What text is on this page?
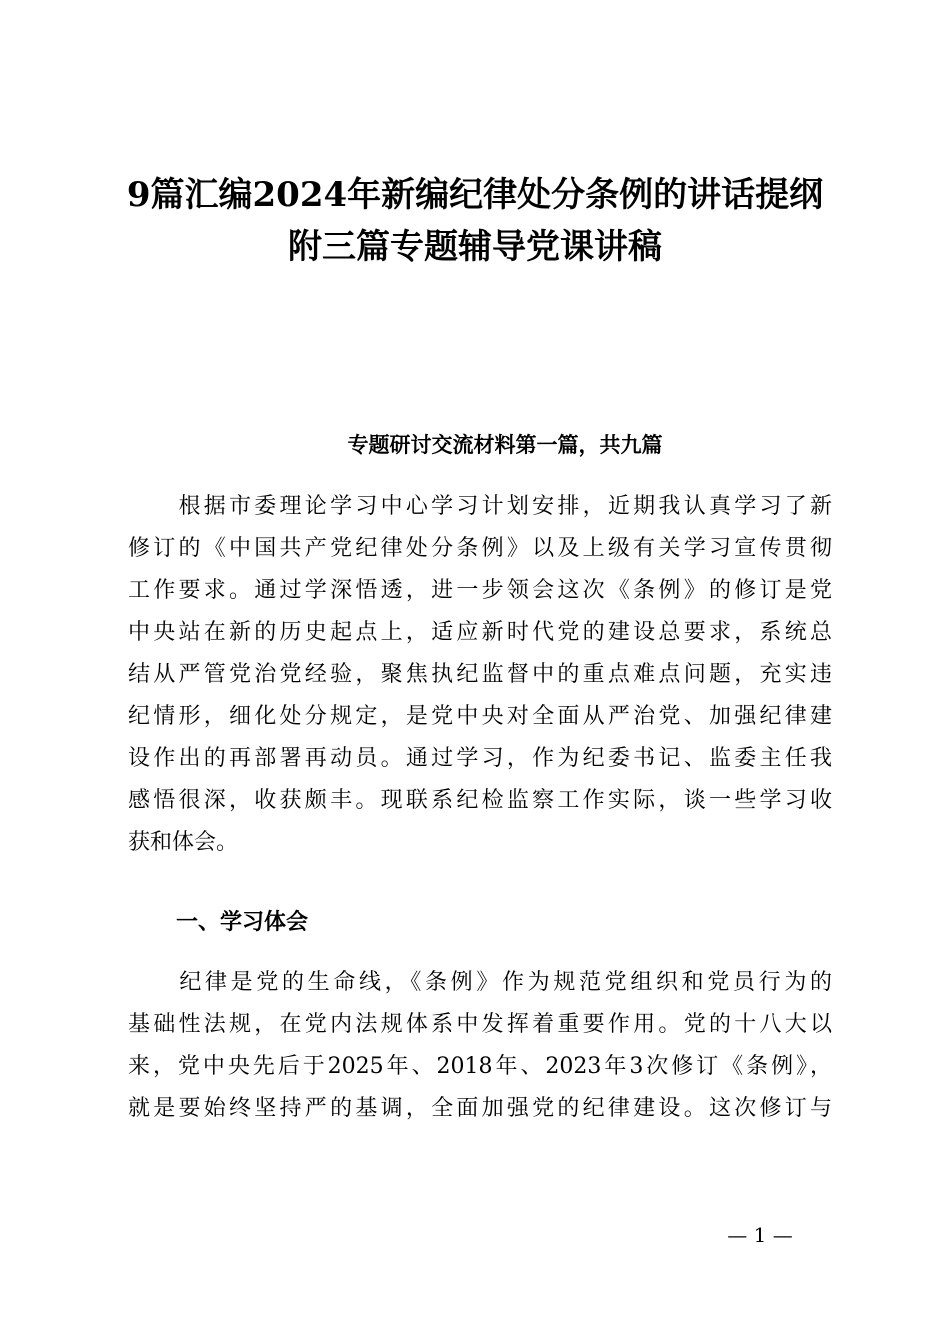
9篇汇编2024年新编纪律处分条例的讲话提纲
附三篇专题辅导党课讲稿
专题研讨交流材料第一篇，共九篇
　　根据市委理论学习中心学习计划安排，近期我认真学习了新
修订的《中国共产党纪律处分条例》以及上级有关学习宣传贯彻
工作要求。通过学深悟透，进一步领会这次《条例》的修订是党
中央站在新的历史起点上，适应新时代党的建设总要求，系统总
结从严管党治党经验，聚焦执纪监督中的重点难点问题，充实违
纪情形，细化处分规定，是党中央对全面从严治党、加强纪律建
设作出的再部署再动员。通过学习，作为纪委书记、监委主任我
感悟很深，收获颇丰。现联系纪检监察工作实际，谈一些学习收
获和体会。
一、学习体会
　　纪律是党的生命线，《条例》作为规范党组织和党员行为的
基础性法规，在党内法规体系中发挥着重要作用。党的十八大以
来，党中央先后于2025年、2018年、2023年3次修订《条例》，
就是要始终坚持严的基调，全面加强党的纪律建设。这次修订与
— 1 —
